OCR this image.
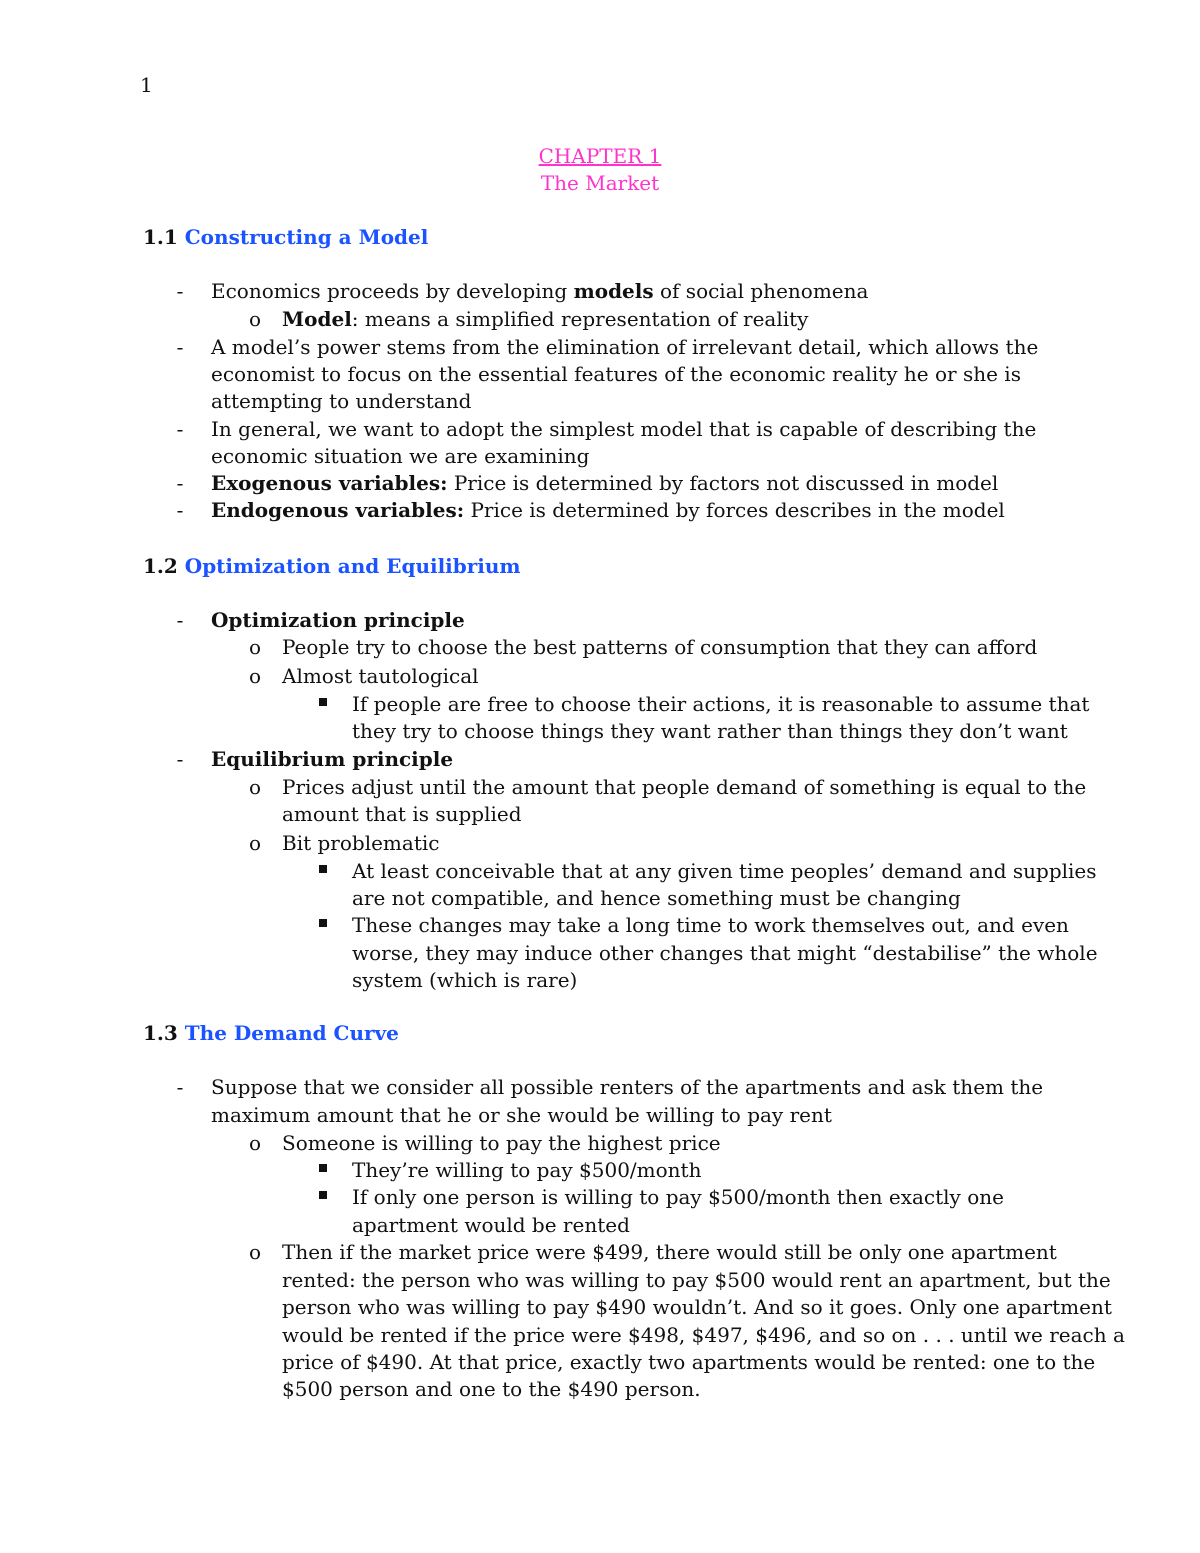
1
CHAPTER 1
The Market
1.1 Constructing a Model
- Economics proceeds by developing models of social phenomena
o Model: means a simplified representation of reality
- A model’s power stems from the elimination of irrelevant detail, which allows the
economist to focus on the essential features of the economic reality he or she is
attempting to understand
- In general, we want to adopt the simplest model that is capable of describing the
economic situation we are examining
- Exogenous variables: Price is determined by factors not discussed in model
- Endogenous variables: Price is determined by forces describes in the model
1.2 Optimization and Equilibrium
- Optimization principle
o People try to choose the best patterns of consumption that they can afford
o Almost tautological
If people are free to choose their actions, it is reasonable to assume that
they try to choose things they want rather than things they don’t want
- Equilibrium principle
o Prices adjust until the amount that people demand of something is equal to the
amount that is supplied
o Bit problematic
At least conceivable that at any given time peoples’ demand and supplies
are not compatible, and hence something must be changing
These changes may take a long time to work themselves out, and even
worse, they may induce other changes that might “destabilise” the whole
system (which is rare)
1.3 The Demand Curve
- Suppose that we consider all possible renters of the apartments and ask them the
maximum amount that he or she would be willing to pay rent
o Someone is willing to pay the highest price
They’re willing to pay $500/month
If only one person is willing to pay $500/month then exactly one
apartment would be rented
o Then if the market price were $499, there would still be only one apartment
rented: the person who was willing to pay $500 would rent an apartment, but the
person who was willing to pay $490 wouldn’t. And so it goes. Only one apartment
would be rented if the price were $498, $497, $496, and so on . . . until we reach a
price of $490. At that price, exactly two apartments would be rented: one to the
$500 person and one to the $490 person.
